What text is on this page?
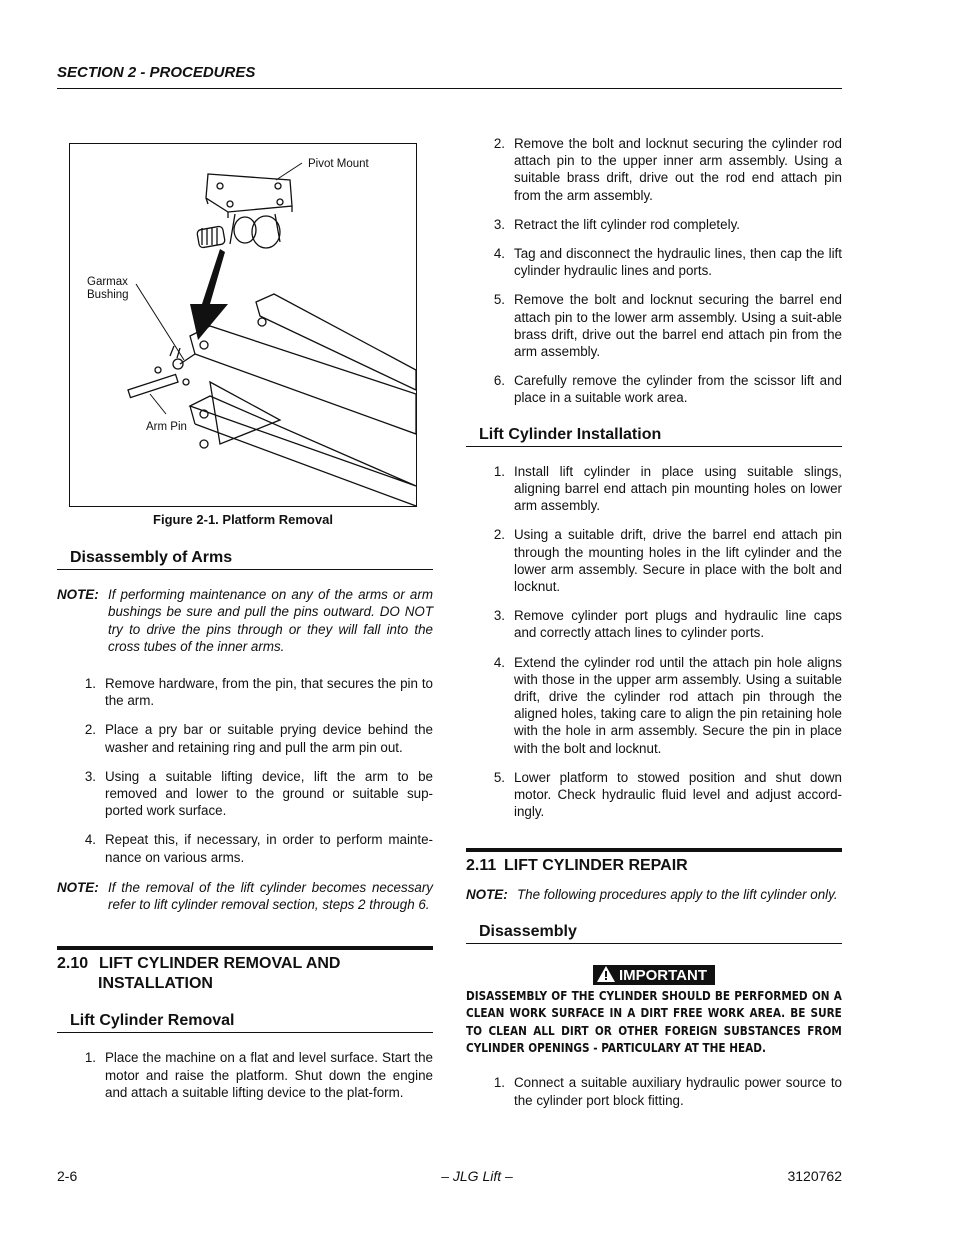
SECTION 2 - PROCEDURES
Pivot Mount
Garmax
Bushing
Arm Pin
Figure 2-1. Platform Removal
Disassembly of Arms
NOTE: If performing maintenance on any of the arms or arm bushings be sure and pull the pins outward. DO NOT try to drive the pins through or they will fall into the cross tubes of the inner arms.
1. Remove hardware, from the pin, that secures the pin to the arm.
2. Place a pry bar or suitable prying device behind the washer and retaining ring and pull the arm pin out.
3. Using a suitable lifting device, lift the arm to be removed and lower to the ground or suitable sup-ported work surface.
4. Repeat this, if necessary, in order to perform mainte-nance on various arms.
NOTE: If the removal of the lift cylinder becomes necessary refer to lift cylinder removal section, steps 2 through 6.
2.10 LIFT CYLINDER REMOVAL AND
INSTALLATION
Lift Cylinder Removal
1. Place the machine on a flat and level surface. Start the motor and raise the platform. Shut down the engine and attach a suitable lifting device to the plat-form.
2. Remove the bolt and locknut securing the cylinder rod attach pin to the upper inner arm assembly. Using a suitable brass drift, drive out the rod end attach pin from the arm assembly.
3. Retract the lift cylinder rod completely.
4. Tag and disconnect the hydraulic lines, then cap the lift cylinder hydraulic lines and ports.
5. Remove the bolt and locknut securing the barrel end attach pin to the lower arm assembly. Using a suit-able brass drift, drive out the barrel end attach pin from the arm assembly.
6. Carefully remove the cylinder from the scissor lift and place in a suitable work area.
Lift Cylinder Installation
1. Install lift cylinder in place using suitable slings, aligning barrel end attach pin mounting holes on lower arm assembly.
2. Using a suitable drift, drive the barrel end attach pin through the mounting holes in the lift cylinder and the lower arm assembly. Secure in place with the bolt and locknut.
3. Remove cylinder port plugs and hydraulic line caps and correctly attach lines to cylinder ports.
4. Extend the cylinder rod until the attach pin hole aligns with those in the upper arm assembly. Using a suitable drift, drive the cylinder rod attach pin through the aligned holes, taking care to align the pin retaining hole with the hole in arm assembly. Secure the pin in place with the bolt and locknut.
5. Lower platform to stowed position and shut down motor. Check hydraulic fluid level and adjust accord-ingly.
2.11 LIFT CYLINDER REPAIR
NOTE: The following procedures apply to the lift cylinder only.
Disassembly
IMPORTANT
DISASSEMBLY OF THE CYLINDER SHOULD BE PERFORMED ON A CLEAN WORK SURFACE IN A DIRT FREE WORK AREA. BE SURE TO CLEAN ALL DIRT OR OTHER FOREIGN SUBSTANCES FROM CYLINDER OPENINGS - PARTICULARY AT THE HEAD.
1. Connect a suitable auxiliary hydraulic power source to the cylinder port block fitting.
2-6	– JLG Lift –	3120762
